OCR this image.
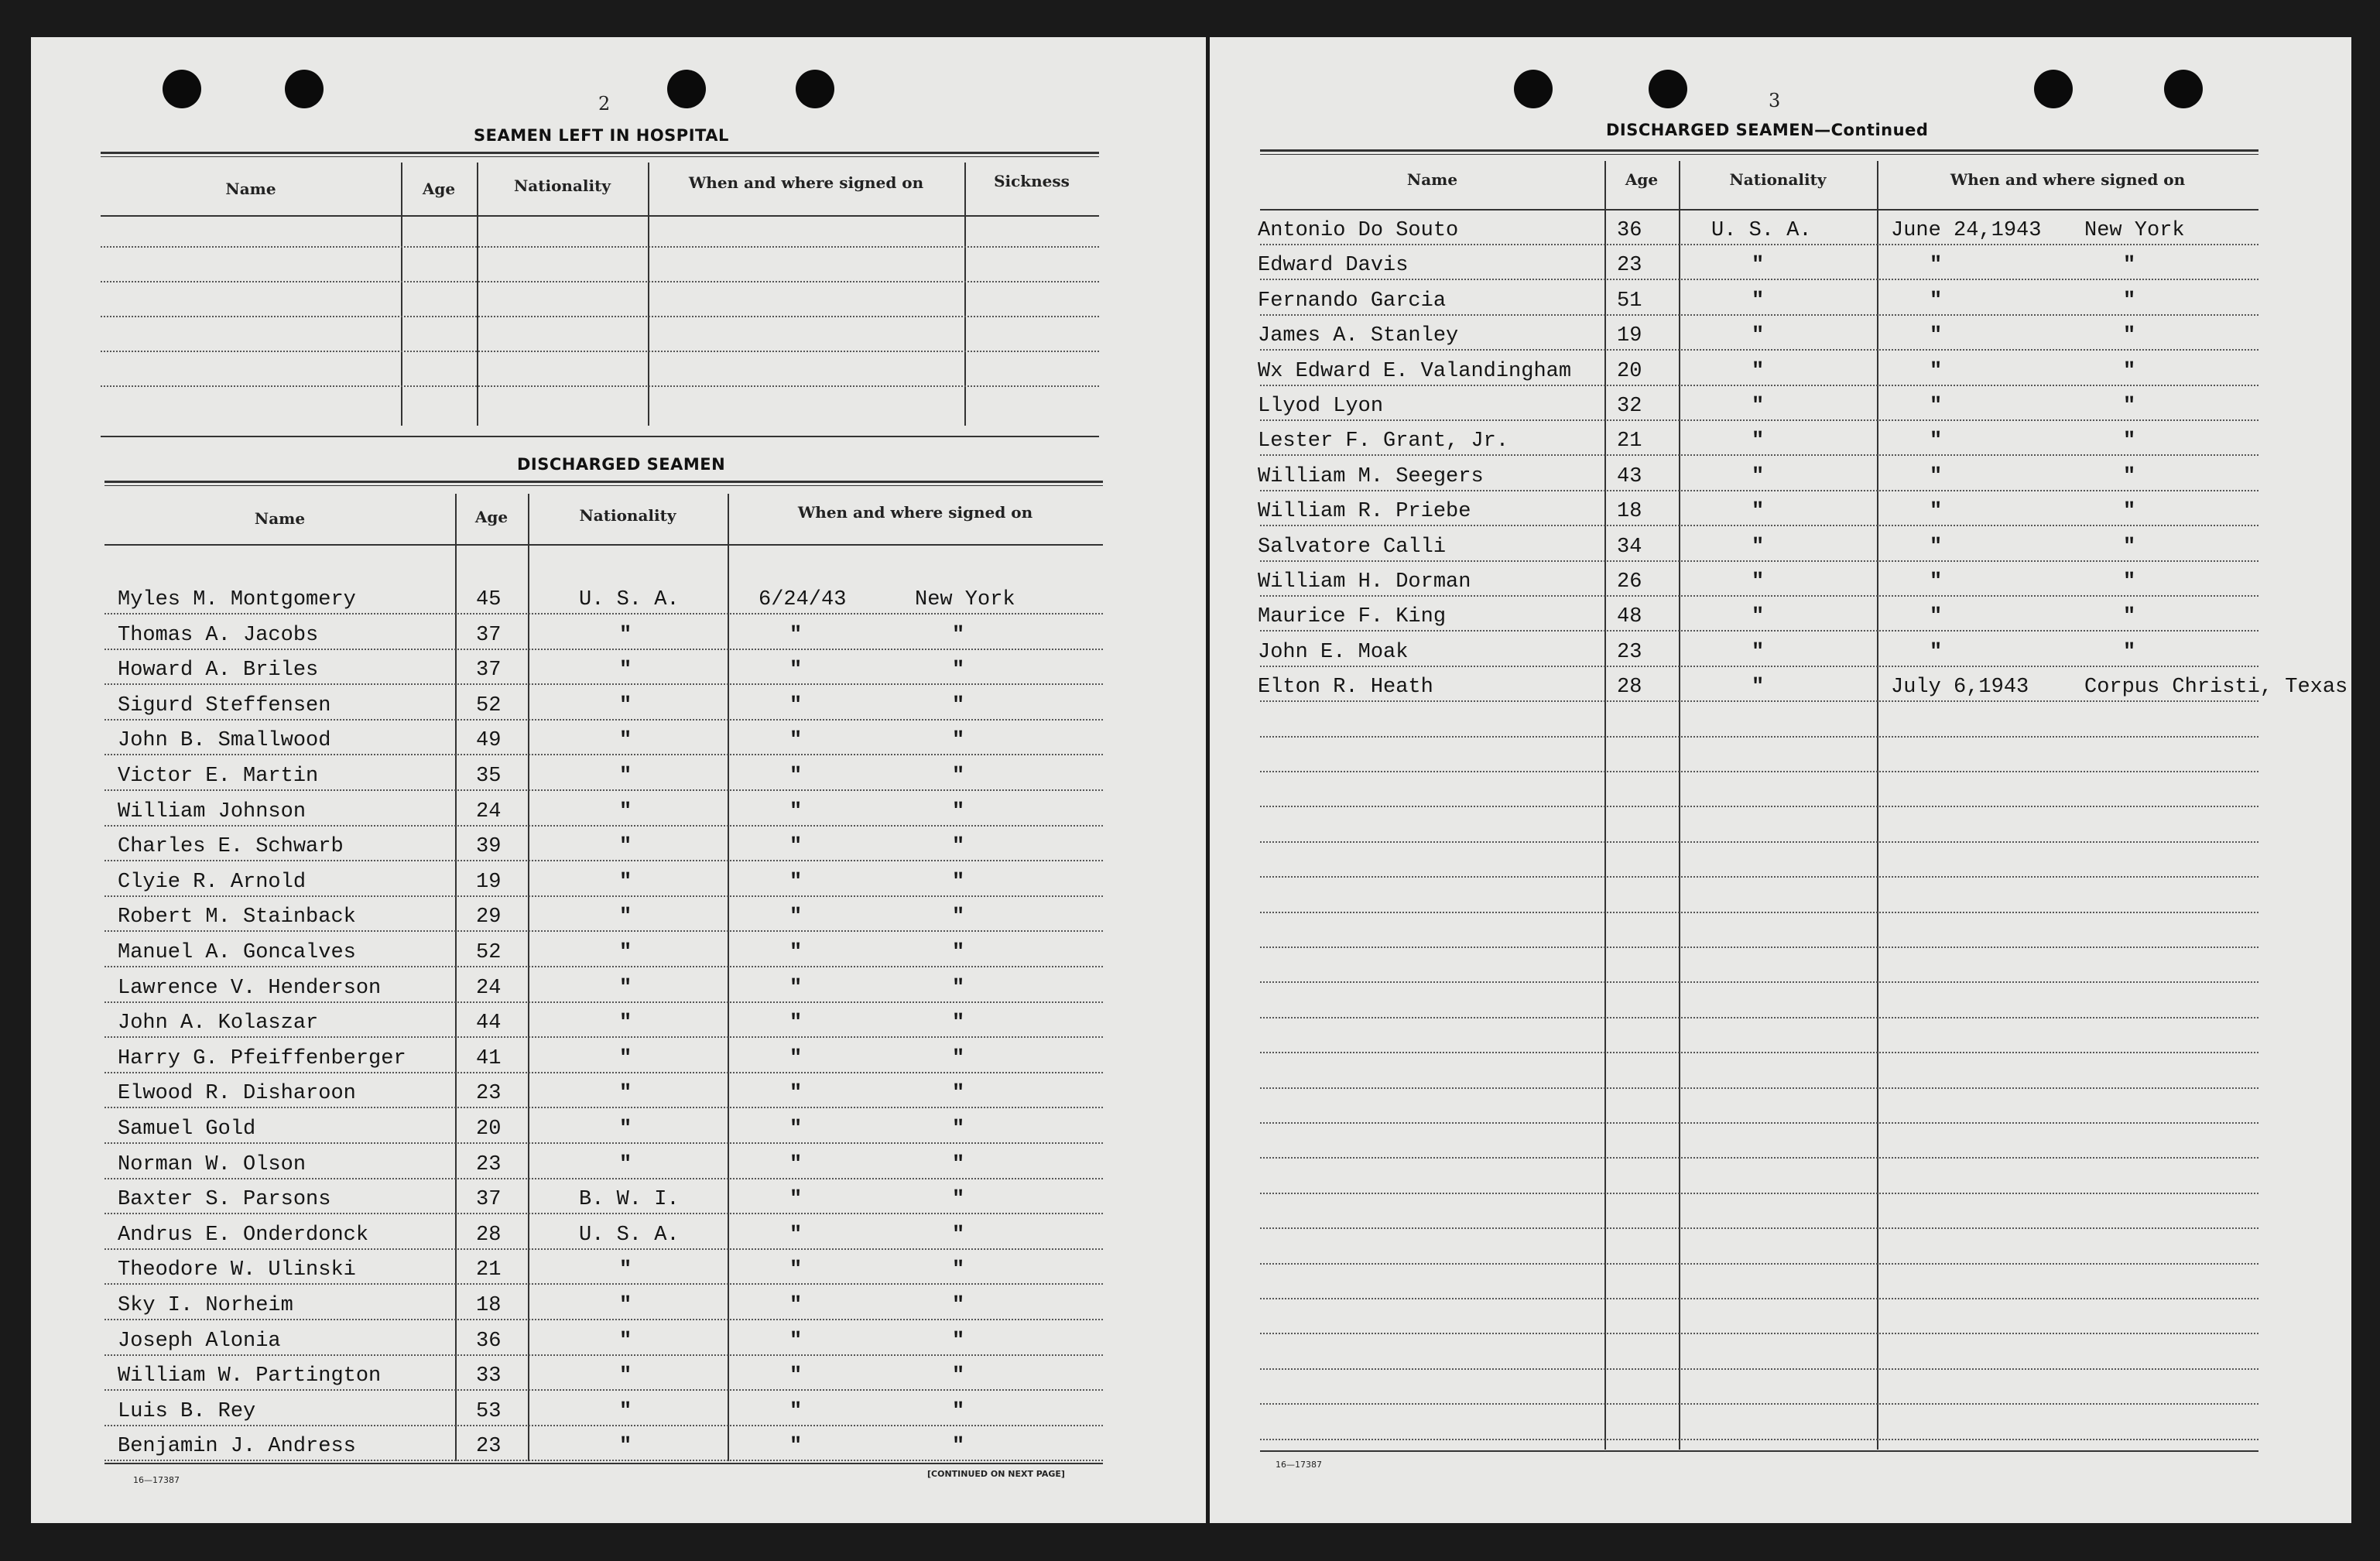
2
SEAMEN LEFT IN HOSPITAL
Name	Age	Nationality	When and where signed on	Sickness
DISCHARGED SEAMEN
Name	Age	Nationality	When and where signed on
Myles M. Montgomery	45	U. S. A.	6/24/43	New York
Thomas A. Jacobs	37	"	"	"
Howard A. Briles	37	"	"	"
Sigurd Steffensen	52	"	"	"
John B. Smallwood	49	"	"	"
Victor E. Martin	35	"	"	"
William Johnson	24	"	"	"
Charles E. Schwarb	39	"	"	"
Clyie R. Arnold	19	"	"	"
Robert M. Stainback	29	"	"	"
Manuel A. Goncalves	52	"	"	"
Lawrence V. Henderson	24	"	"	"
John A. Kolaszar	44	"	"	"
Harry G. Pfeiffenberger	41	"	"	"
Elwood R. Disharoon	23	"	"	"
Samuel Gold	20	"	"	"
Norman W. Olson	23	"	"	"
Baxter S. Parsons	37	B. W. I.	"	"
Andrus E. Onderdonck	28	U. S. A.	"	"
Theodore W. Ulinski	21	"	"	"
Sky I. Norheim	18	"	"	"
Joseph Alonia	36	"	"	"
William W. Partington	33	"	"	"
Luis B. Rey	53	"	"	"
Benjamin J. Andress	23	"	"	"
16—17387
[CONTINUED ON NEXT PAGE]
3
DISCHARGED SEAMEN—Continued
Name	Age	Nationality	When and where signed on
Antonio Do Souto	36	U. S. A.	June 24,1943 New York
Edward Davis	23	"	"	"
Fernando Garcia	51	"	"	"
James A. Stanley	19	"	"	"
Wx Edward E. Valandingham 20	"	"	"
Llyod Lyon	32	"	"	"
Lester F. Grant, Jr.	21	"	"	"
William M. Seegers	43	"	"	"
William R. Priebe	18	"	"	"
Salvatore Calli	34	"	"	"
William H. Dorman	26	"	"	"
Maurice F. King	48	"	"	"
John E. Moak	23	"	"	"
Elton R. Heath	28	"	July 6,1943	Corpus Christi, Texas
16—17387
